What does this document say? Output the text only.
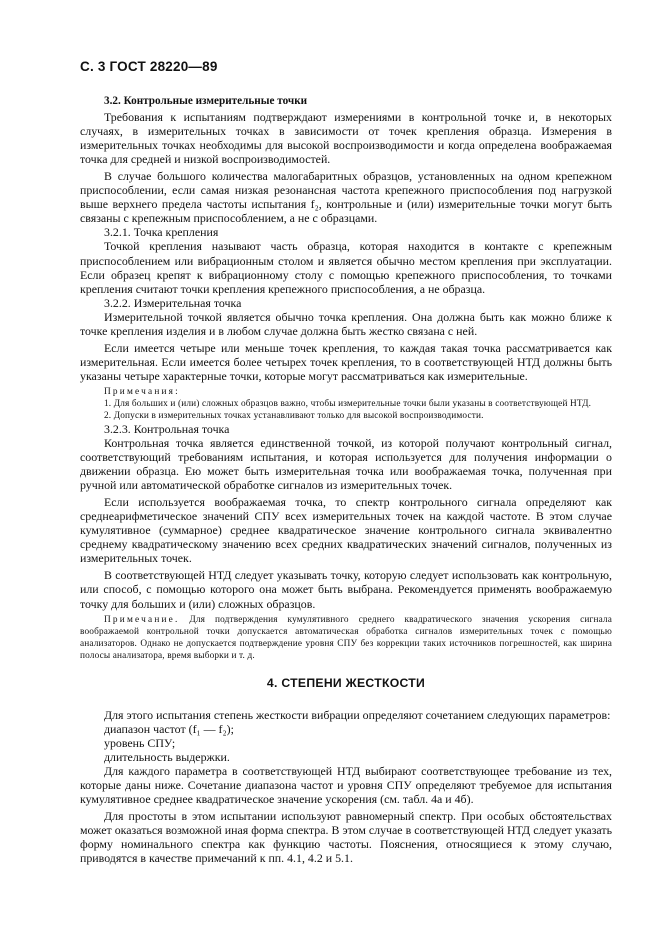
С. 3 ГОСТ 28220—89

3.2. Контрольные измерительные точки

Требования к испытаниям подтверждают измерениями в контрольной точке и, в некоторых случаях, в измерительных точках в зависимости от точек крепления образца. Измерения в измерительных точках необходимы для высокой воспроизводимости и когда определена воображаемая точка для средней и низкой воспроизводимостей.

В случае большого количества малогабаритных образцов, установленных на одном крепежном приспособлении, если самая низкая резонансная частота крепежного приспособления под нагрузкой выше верхнего предела частоты испытания f₂, контрольные и (или) измерительные точки могут быть связаны с крепежным приспособлением, а не с образцами.

3.2.1. Точка крепления

Точкой крепления называют часть образца, которая находится в контакте с крепежным приспособлением или вибрационным столом и является обычно местом крепления при эксплуатации. Если образец крепят к вибрационному столу с помощью крепежного приспособления, то точками крепления считают точки крепления крепежного приспособления, а не образца.

3.2.2. Измерительная точка

Измерительной точкой является обычно точка крепления. Она должна быть как можно ближе к точке крепления изделия и в любом случае должна быть жестко связана с ней.

Если имеется четыре или меньше точек крепления, то каждая такая точка рассматривается как измерительная. Если имеется более четырех точек крепления, то в соответствующей НТД должны быть указаны четыре характерные точки, которые могут рассматриваться как измерительные.

Примечания:

1. Для больших и (или) сложных образцов важно, чтобы измерительные точки были указаны в соответствующей НТД.

2. Допуски в измерительных точках устанавливают только для высокой воспроизводимости.

3.2.3. Контрольная точка

Контрольная точка является единственной точкой, из которой получают контрольный сигнал, соответствующий требованиям испытания, и которая используется для получения информации о движении образца. Ею может быть измерительная точка или воображаемая точка, полученная при ручной или автоматической обработке сигналов из измерительных точек.

Если используется воображаемая точка, то спектр контрольного сигнала определяют как среднеарифметическое значений СПУ всех измерительных точек на каждой частоте. В этом случае кумулятивное (суммарное) среднее квадратическое значение контрольного сигнала эквивалентно среднему квадратическому значению всех средних квадратических значений сигналов, полученных из измерительных точек.

В соответствующей НТД следует указывать точку, которую следует использовать как контрольную, или способ, с помощью которого она может быть выбрана. Рекомендуется применять воображаемую точку для больших и (или) сложных образцов.

Примечание. Для подтверждения кумулятивного среднего квадратического значения ускорения сигнала воображаемой контрольной точки допускается автоматическая обработка сигналов измерительных точек с помощью анализаторов. Однако не допускается подтверждение уровня СПУ без коррекции таких источников погрешностей, как ширина полосы анализатора, время выборки и т. д.

4. СТЕПЕНИ ЖЕСТКОСТИ

Для этого испытания степень жесткости вибрации определяют сочетанием следующих параметров:

диапазон частот (f₁ — f₂);

уровень СПУ;

длительность выдержки.

Для каждого параметра в соответствующей НТД выбирают соответствующее требование из тех, которые даны ниже. Сочетание диапазона частот и уровня СПУ определяют требуемое для испытания кумулятивное среднее квадратическое значение ускорения (см. табл. 4а и 4б).

Для простоты в этом испытании используют равномерный спектр. При особых обстоятельствах может оказаться возможной иная форма спектра. В этом случае в соответствующей НТД следует указать форму номинального спектра как функцию частоты. Пояснения, относящиеся к этому случаю, приводятся в качестве примечаний к пп. 4.1, 4.2 и 5.1.
